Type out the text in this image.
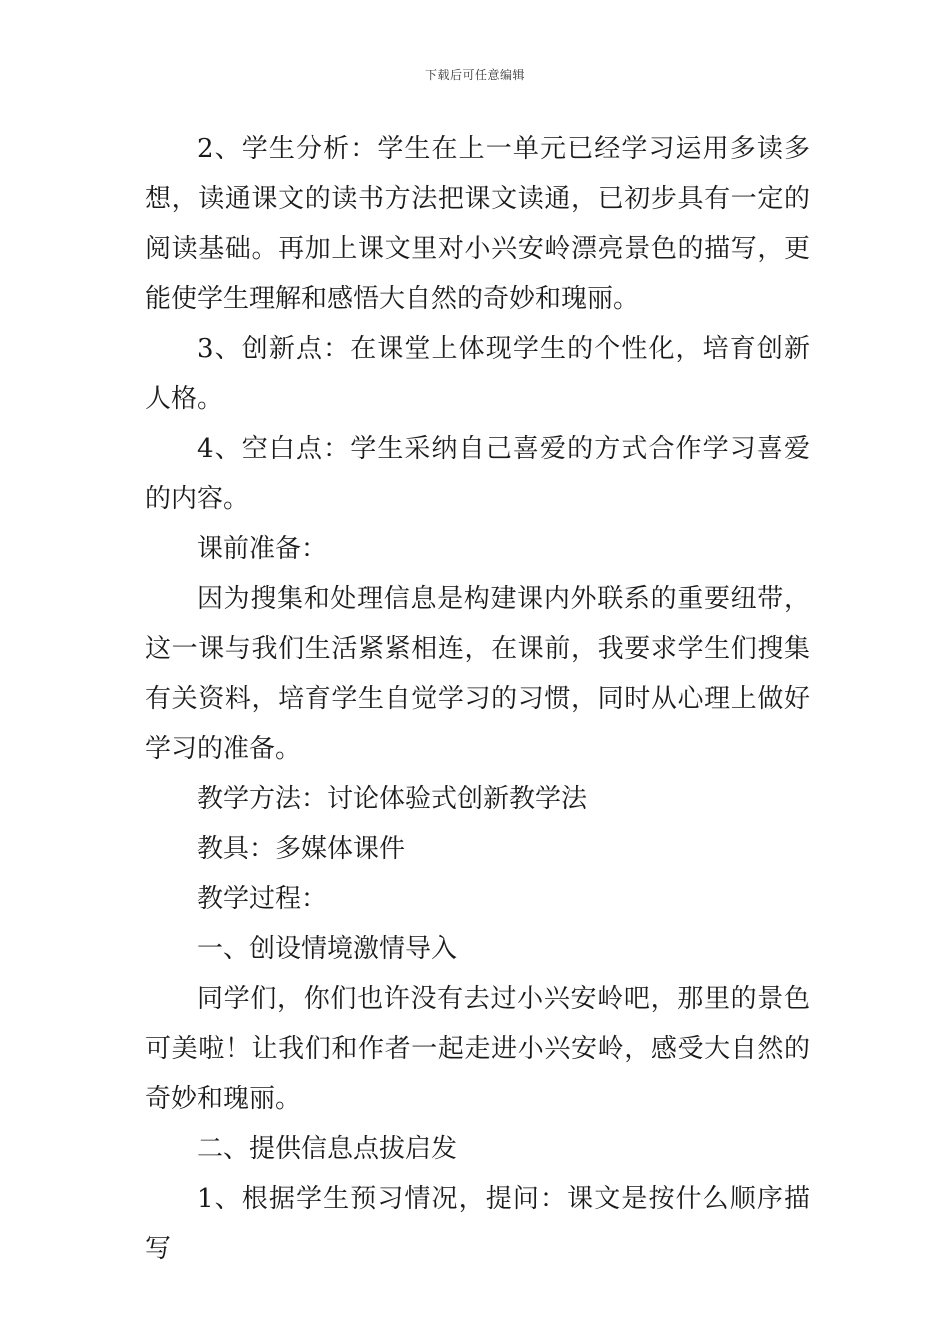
下载后可任意编辑

2、学生分析：学生在上一单元已经学习运用多读多想，读通课文的读书方法把课文读通，已初步具有一定的阅读基础。再加上课文里对小兴安岭漂亮景色的描写，更能使学生理解和感悟大自然的奇妙和瑰丽。

3、创新点：在课堂上体现学生的个性化，培育创新人格。

4、空白点：学生采纳自己喜爱的方式合作学习喜爱的内容。

课前准备：

因为搜集和处理信息是构建课内外联系的重要纽带，这一课与我们生活紧紧相连，在课前，我要求学生们搜集有关资料，培育学生自觉学习的习惯，同时从心理上做好学习的准备。

教学方法：讨论体验式创新教学法

教具：多媒体课件

教学过程：

一、创设情境激情导入

同学们，你们也许没有去过小兴安岭吧，那里的景色可美啦！让我们和作者一起走进小兴安岭，感受大自然的奇妙和瑰丽。

二、提供信息点拔启发

1、根据学生预习情况，提问：课文是按什么顺序描写
